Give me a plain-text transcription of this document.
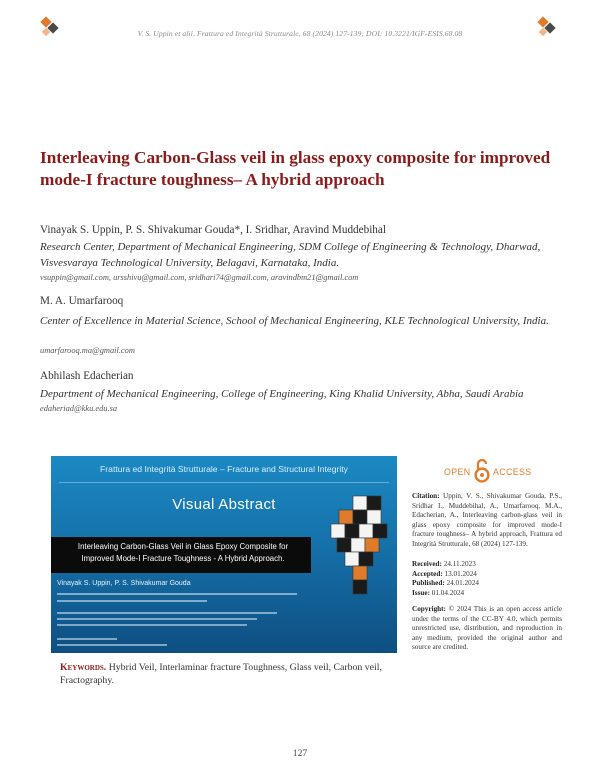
V. S. Uppin et alii, Frattura ed Integrità Strutturale, 68 (2024) 127-139; DOI: 10.3221/IGF-ESIS.68.08
Interleaving Carbon-Glass veil in glass epoxy composite for improved mode-I fracture toughness– A hybrid approach
Vinayak S. Uppin, P. S. Shivakumar Gouda*, I. Sridhar, Aravind Muddebihal

Research Center, Department of Mechanical Engineering, SDM College of Engineering & Technology, Dharwad, Visvesvaraya Technological University, Belagavi, Karnataka, India.

vsuppin@gmail.com, ursshivu@gmail.com, sridhari74@gmail.com, aravindbm21@gmail.com
M. A. Umarfarooq

Center of Excellence in Material Science, School of Mechanical Engineering, KLE Technological University, India.

umarfarooq.ma@gmail.com
Abhilash Edacherian

Department of Mechanical Engineering, College of Engineering, King Khalid University, Abha, Saudi Arabia

edaheriad@kku.edu.sa
Frattura ed Integrità Strutturale – Fracture and Structural Integrity
Visual Abstract
Interleaving Carbon-Glass Veil in Glass Epoxy Composite for
Improved Mode-I Fracture Toughness - A Hybrid Approach.
Vinayak S. Uppin, P. S. Shivakumar Gouda
OPEN	ACCESS

Citation: Uppin, V. S., Shivakumar Gouda, P.S., Sridhar I., Muddebihal, A., Umarfarooq, M.A., Edacherian, A., Interleaving carbon-glass veil in glass epoxy composite for improved mode-I fracture toughness– A hybrid approach, Frattura ed Integrità Strutturale, 68 (2024) 127-139.

Received: 24.11.2023
Accepted: 13.01.2024
Published: 24.01.2024
Issue: 01.04.2024

Copyright: © 2024 This is an open access article under the terms of the CC-BY 4.0, which permits unrestricted use, distribution, and reproduction in any medium, provided the original author and source are credited.

Keywords. Hybrid Veil, Interlaminar fracture Toughness, Glass veil, Carbon veil, Fractography.

127
